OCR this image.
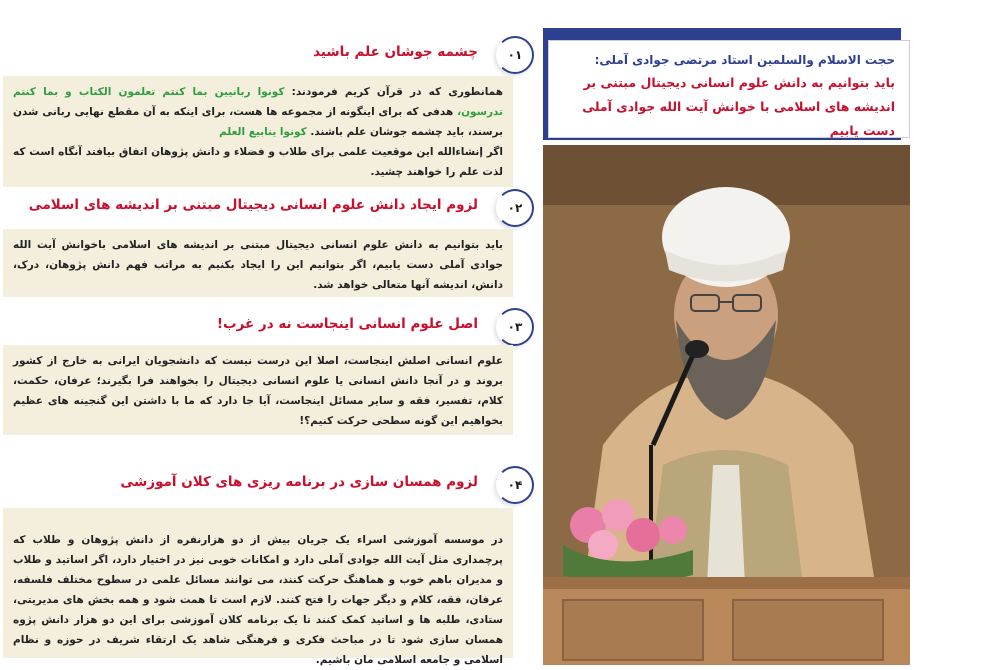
چشمه جوشان علم باشید ۰۱
همانطوری که در قرآن کریم فرمودند: کونوا ربانیین بما کنتم تعلمون الکتاب و بما کنتم تدرسون، هدفی که برای اینگونه از مجموعه ها هست، برای اینکه به آن مقطع نهایی ربانی شدن برسند، باید چشمه جوشان علم باشند. کونوا ینابیع العلم
اگر إنشاءالله این موقعیت علمی برای طلاب و فضلاء و دانش پژوهان اتفاق بیافتد آنگاه است که لذت علم را خواهند چشید.
لزوم ایجاد دانش علوم انسانی دیجیتال مبتنی بر اندیشه های اسلامی ۰۲
باید بتوانیم به دانش علوم انسانی دیجیتال مبتنی بر اندیشه های اسلامی باخوانش آیت الله جوادی آملی دست یابیم، اگر بتوانیم این را ایجاد بکنیم به مراتب فهم دانش پژوهان، درک، دانش، اندیشه آنها متعالی خواهد شد.
اصل علوم انسانی اینجاست نه در غرب! ۰۳
علوم انسانی اصلش اینجاست، اصلا این درست نیست که دانشجویان ایرانی به خارج از کشور بروند و در آنجا دانش انسانی یا علوم انسانی دیجیتال را بخواهند فرا بگیرند؛ عرفان، حکمت، کلام، تفسیر، فقه و سایر مسائل اینجاست، آیا جا دارد که ما با داشتن این گنجینه های عظیم بخواهیم این گونه سطحی حرکت کنیم؟!
لزوم همسان سازی در برنامه ریزی های کلان آموزشی ۰۴
در موسسه آموزشی اسراء یک جریان بیش از دو هزارنفره از دانش پژوهان و طلاب که پرچمداری مثل آیت الله جوادی آملی دارد و امکانات خوبی نیز در اختیار دارد، اگر اساتید و طلاب و مدیران باهم خوب و هماهنگ حرکت کنند، می توانند مسائل علمی در سطوح مختلف فلسفه، عرفان، فقه، کلام و دیگر جهات را فتح کنند. لازم است تا همت شود و همه بخش های مدیریتی، ستادی، طلبه ها و اساتید کمک کنند تا یک برنامه کلان آموزشی برای این دو هزار دانش پژوه همسان سازی شود تا در مباحث فکری و فرهنگی شاهد یک ارتقاء شریف در حوزه و نظام اسلامی و جامعه اسلامی مان باشیم.
حجت الاسلام والسلمین استاد مرتضی جوادی آملی:
باید بتوانیم به دانش علوم انسانی دیجیتال مبتنی بر اندیشه های اسلامی با خوانش آیت الله جوادی آملی دست یابیم
